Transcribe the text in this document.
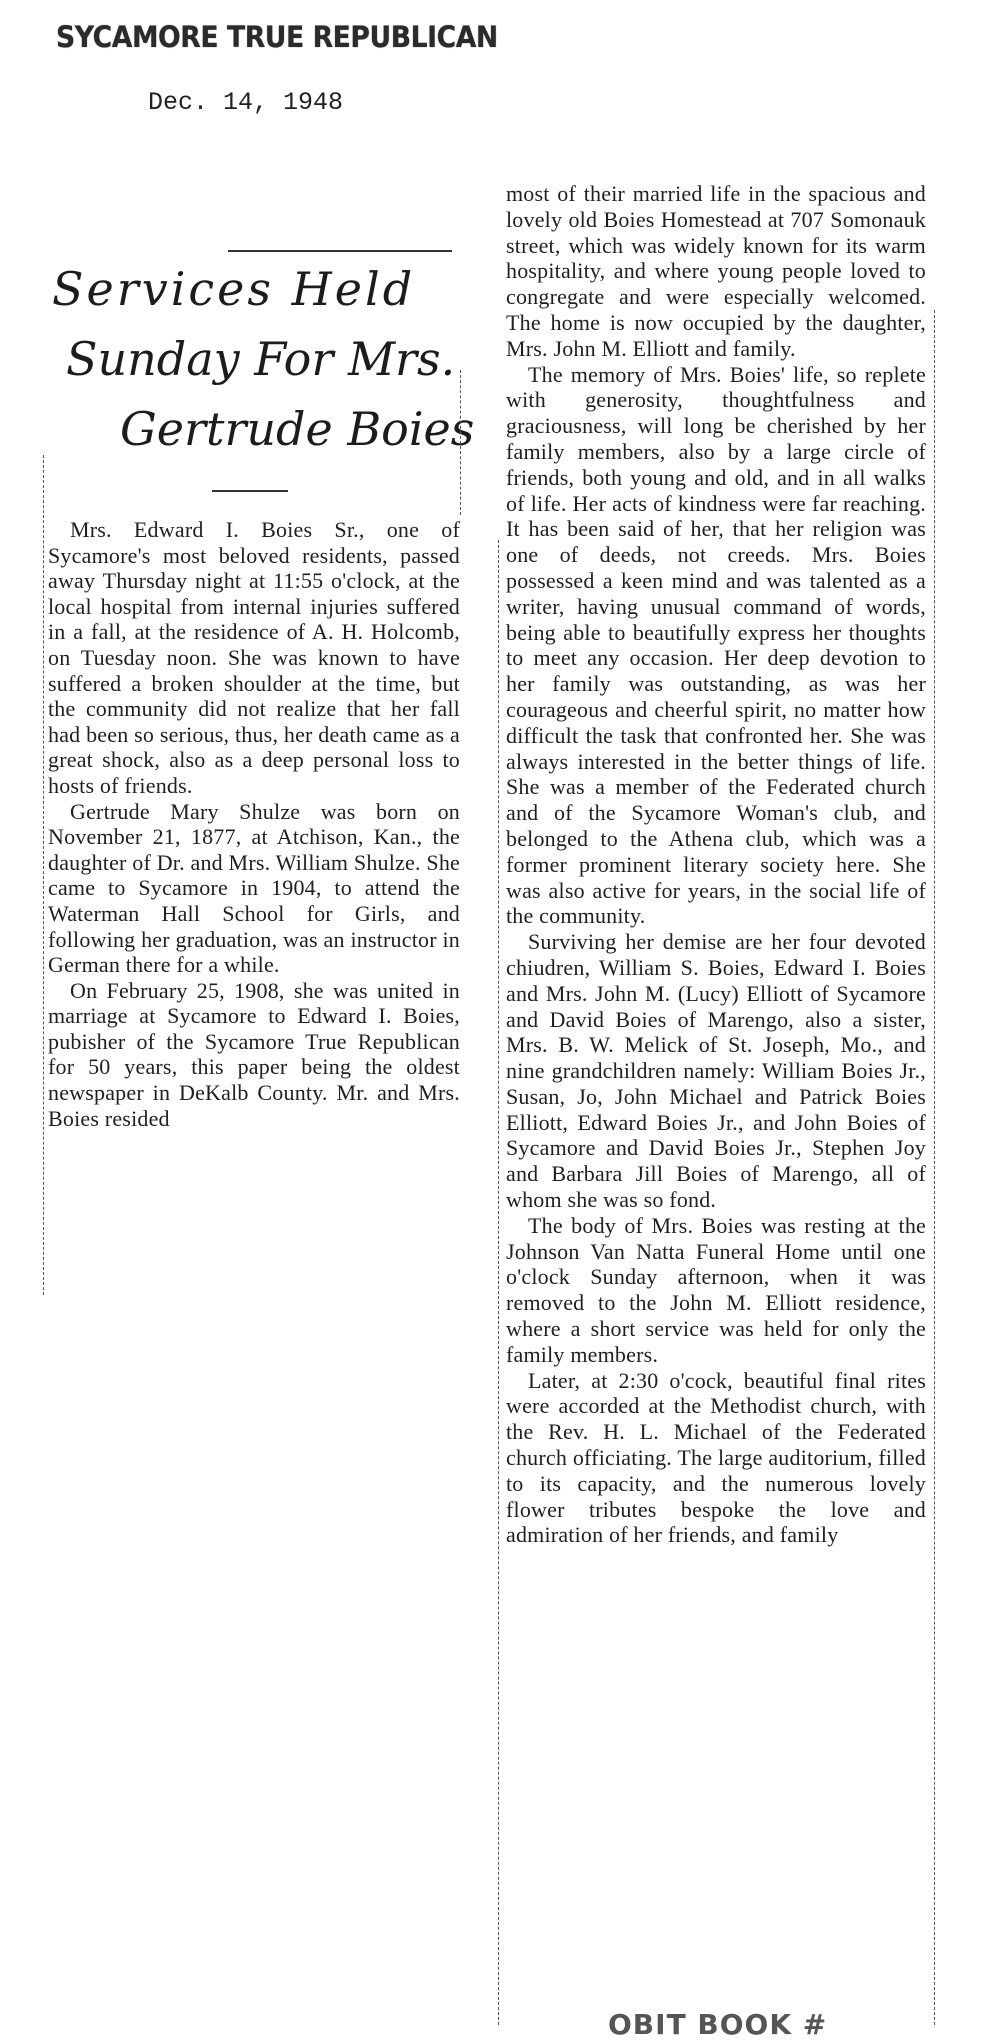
SYCAMORE TRUE REPUBLICAN
Dec. 14, 1948
Services Held
Sunday For Mrs.
Gertrude Boies

Mrs. Edward I. Boies Sr., one of Sycamore's most beloved residents, passed away Thursday night at 11:55 o'clock, at the local hospital from internal injuries suffered in a fall, at the residence of A. H. Holcomb, on Tuesday noon. She was known to have suffered a broken shoulder at the time, but the community did not realize that her fall had been so serious, thus, her death came as a great shock, also as a deep personal loss to hosts of friends.

Gertrude Mary Shulze was born on November 21, 1877, at Atchison, Kan., the daughter of Dr. and Mrs. William Shulze. She came to Sycamore in 1904, to attend the Waterman Hall School for Girls, and following her graduation, was an instructor in German there for a while.

On February 25, 1908, she was united in marriage at Sycamore to Edward I. Boies, pubisher of the Sycamore True Republican for 50 years, this paper being the oldest newspaper in DeKalb County. Mr. and Mrs. Boies resided

most of their married life in the spacious and lovely old Boies Homestead at 707 Somonauk street, which was widely known for its warm hospitality, and where young people loved to congregate and were especially welcomed. The home is now occupied by the daughter, Mrs. John M. Elliott and family.

The memory of Mrs. Boies' life, so replete with generosity, thoughtfulness and graciousness, will long be cherished by her family members, also by a large circle of friends, both young and old, and in all walks of life. Her acts of kindness were far reaching. It has been said of her, that her religion was one of deeds, not creeds. Mrs. Boies possessed a keen mind and was talented as a writer, having unusual command of words, being able to beautifully express her thoughts to meet any occasion. Her deep devotion to her family was outstanding, as was her courageous and cheerful spirit, no matter how difficult the task that confronted her. She was always interested in the better things of life. She was a member of the Federated church and of the Sycamore Woman's club, and belonged to the Athena club, which was a former prominent literary society here. She was also active for years, in the social life of the community.

Surviving her demise are her four devoted chiudren, William S. Boies, Edward I. Boies and Mrs. John M. (Lucy) Elliott of Sycamore and David Boies of Marengo, also a sister, Mrs. B. W. Melick of St. Joseph, Mo., and nine grandchildren namely: William Boies Jr., Susan, Jo, John Michael and Patrick Boies Elliott, Edward Boies Jr., and John Boies of Sycamore and David Boies Jr., Stephen Joy and Barbara Jill Boies of Marengo, all of whom she was so fond.

The body of Mrs. Boies was resting at the Johnson Van Natta Funeral Home until one o'clock Sunday afternoon, when it was removed to the John M. Elliott residence, where a short service was held for only the family members.

Later, at 2:30 o'cock, beautiful final rites were accorded at the Methodist church, with the Rev. H. L. Michael of the Federated church officiating. The large auditorium, filled to its capacity, and the numerous lovely flower tributes bespoke the love and admiration of her friends, and family

OBIT BOOK #
